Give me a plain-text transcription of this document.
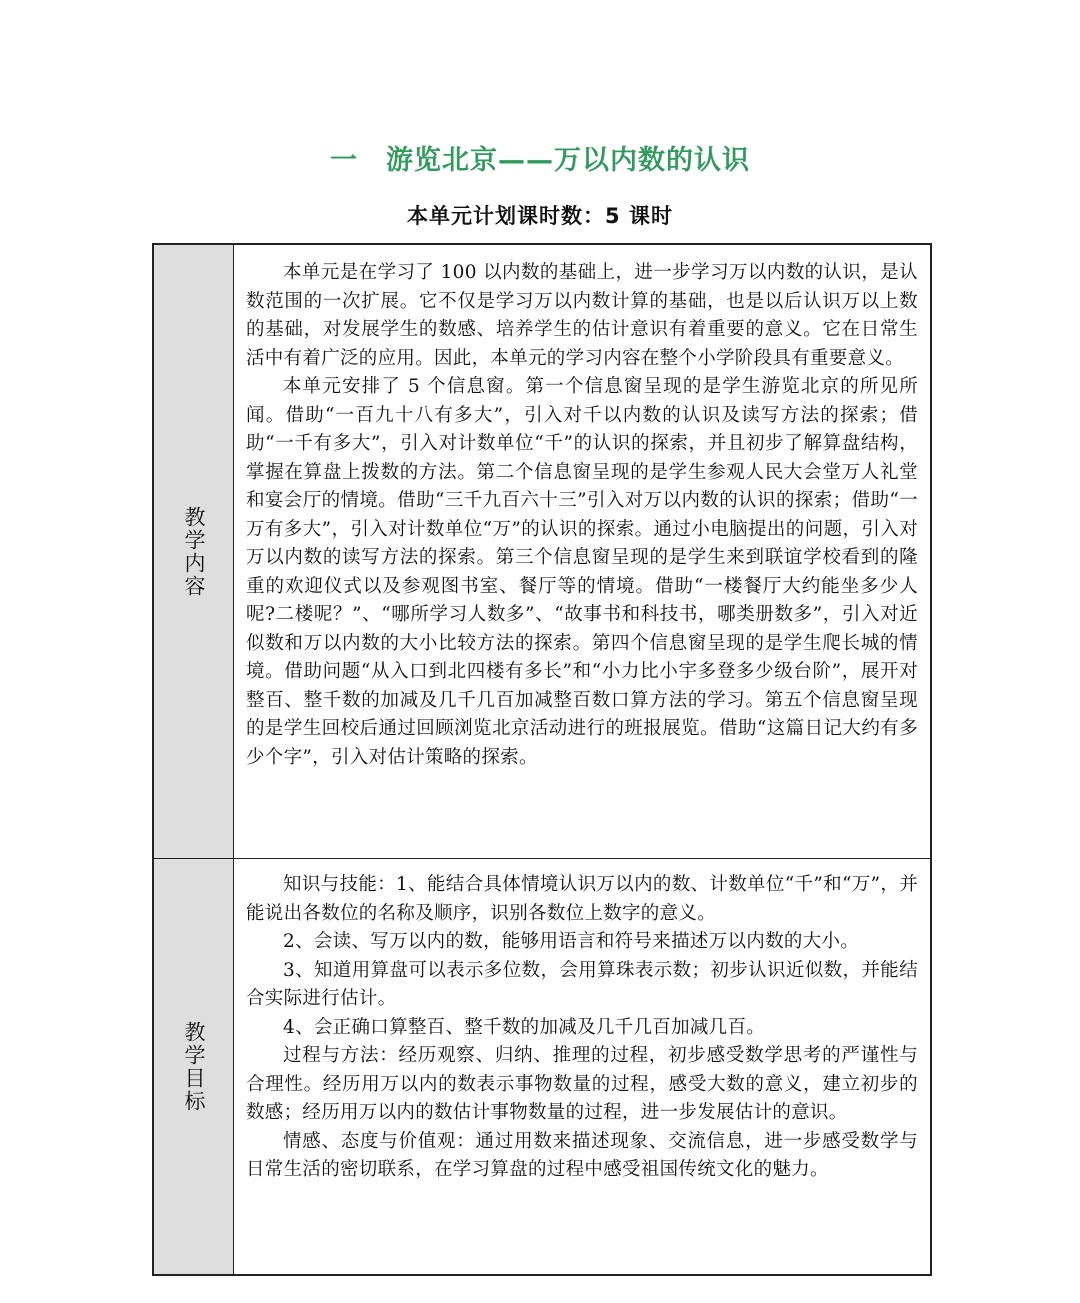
一 游览北京——万以内数的认识
本单元计划课时数：5 课时
教学内容

本单元是在学习了 100 以内数的基础上，进一步学习万以内数的认识，是认数范围的一次扩展。它不仅是学习万以内数计算的基础，也是以后认识万以上数的基础，对发展学生的数感、培养学生的估计意识有着重要的意义。它在日常生活中有着广泛的应用。因此，本单元的学习内容在整个小学阶段具有重要意义。

本单元安排了 5 个信息窗。第一个信息窗呈现的是学生游览北京的所见所闻。借助“一百九十八有多大”，引入对千以内数的认识及读写方法的探索；借助“一千有多大”，引入对计数单位“千”的认识的探索，并且初步了解算盘结构，掌握在算盘上拨数的方法。第二个信息窗呈现的是学生参观人民大会堂万人礼堂和宴会厅的情境。借助“三千九百六十三”引入对万以内数的认识的探索；借助“一万有多大”，引入对计数单位“万”的认识的探索。通过小电脑提出的问题，引入对万以内数的读写方法的探索。第三个信息窗呈现的是学生来到联谊学校看到的隆重的欢迎仪式以及参观图书室、餐厅等的情境。借助“一楼餐厅大约能坐多少人呢?二楼呢？”、“哪所学习人数多”、“故事书和科技书，哪类册数多”，引入对近似数和万以内数的大小比较方法的探索。第四个信息窗呈现的是学生爬长城的情境。借助问题“从入口到北四楼有多长”和“小力比小宇多登多少级台阶”，展开对整百、整千数的加减及几千几百加减整百数口算方法的学习。第五个信息窗呈现的是学生回校后通过回顾浏览北京活动进行的班报展览。借助“这篇日记大约有多少个字”，引入对估计策略的探索。

教学目标

知识与技能：1、能结合具体情境认识万以内的数、计数单位“千”和“万”，并能说出各数位的名称及顺序，识别各数位上数字的意义。

2、会读、写万以内的数，能够用语言和符号来描述万以内数的大小。

3、知道用算盘可以表示多位数，会用算珠表示数；初步认识近似数，并能结合实际进行估计。

4、会正确口算整百、整千数的加减及几千几百加减几百。

过程与方法：经历观察、归纳、推理的过程，初步感受数学思考的严谨性与合理性。经历用万以内的数表示事物数量的过程，感受大数的意义，建立初步的数感；经历用万以内的数估计事物数量的过程，进一步发展估计的意识。

情感、态度与价值观：通过用数来描述现象、交流信息，进一步感受数学与日常生活的密切联系，在学习算盘的过程中感受祖国传统文化的魅力。
